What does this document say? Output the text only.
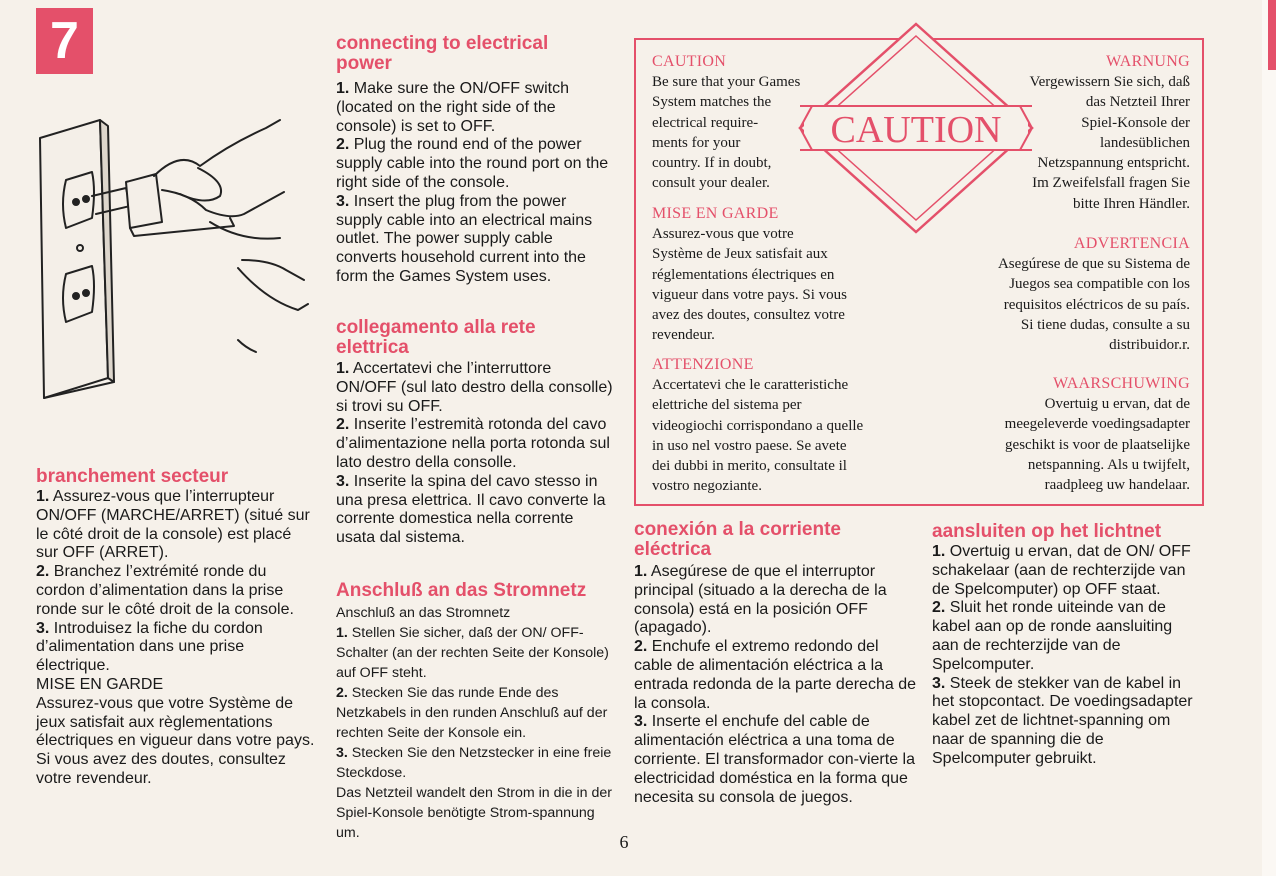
7	connecting to electrical
power

1. Make sure the ON/OFF switch (located on the right side of the console) is set to OFF.

2. Plug the round end of the power supply cable into the round port on the right side of the console.

3. Insert the plug from the power supply cable into an electrical mains outlet. The power supply cable converts household current into the form the Games System uses.

collegamento alla rete
elettrica

1. Accertatevi che l’interruttore ON/OFF (sul lato destro della consolle) si trovi su OFF.

2. Inserite l’estremità rotonda del cavo d’alimentazione nella porta rotonda sul lato destro della consolle.

3. Inserite la spina del cavo stesso in una presa elettrica. Il cavo converte la corrente domestica nella corrente usata dal sistema.

Anschluß an das Stromnetz

Anschluß an das Stromnetz

1. Stellen Sie sicher, daß der ON/ OFF-Schalter (an der rechten Seite der Konsole) auf OFF steht.

2. Stecken Sie das runde Ende des Netzkabels in den runden Anschluß auf der rechten Seite der Konsole ein.

3. Stecken Sie den Netzstecker in eine freie Steckdose.

Das Netzteil wandelt den Strom in die in der Spiel-Konsole benötigte Strom-spannung um.

branchement secteur

1. Assurez-vous que l’interrupteur ON/OFF (MARCHE/ARRET) (situé sur le côté droit de la console) est placé sur OFF (ARRET).

2. Branchez l’extrémité ronde du cordon d’alimentation dans la prise ronde sur le côté droit de la console.

3. Introduisez la fiche du cordon d’alimentation dans une prise électrique.

MISE EN GARDE

Assurez-vous que votre Système de jeux satisfait aux règlementations électriques en vigueur dans votre pays. Si vous avez des doutes, consultez votre revendeur.

CAUTION
CAUTION
Be sure that your Games
System matches the
electrical require-
ments for your
country. If in doubt,
consult your dealer.
WARNUNG
Vergewissern Sie sich, daß
das Netzteil Ihrer
Spiel-Konsole der
landesüblichen
Netzspannung entspricht.
Im Zweifelsfall fragen Sie
bitte Ihren Händler.
MISE EN GARDE
Assurez-vous que votre
Système de Jeux satisfait aux
réglementations électriques en
vigueur dans votre pays. Si vous
avez des doutes, consultez votre
revendeur.
ADVERTENCIA
Asegúrese de que su Sistema de
Juegos sea compatible con los
requisitos eléctricos de su país.
Si tiene dudas, consulte a su
distribuidor.r.
ATTENZIONE
Accertatevi che le caratteristiche
elettriche del sistema per
videogiochi corrispondano a quelle
in uso nel vostro paese. Se avete
dei dubbi in merito, consultate il
vostro negoziante.
WAARSCHUWING
Overtuig u ervan, dat de
meegeleverde voedingsadapter
geschikt is voor de plaatselijke
netspanning. Als u twijfelt,
raadpleeg uw handelaar.
conexión a la corriente
eléctrica

1. Asegúrese de que el interruptor principal (situado a la derecha de la consola) está en la posición OFF (apagado).

2. Enchufe el extremo redondo del cable de alimentación eléctrica a la entrada redonda de la parte derecha de la consola.

3. Inserte el enchufe del cable de alimentación eléctrica a una toma de corriente. El transformador con-vierte la electricidad doméstica en la forma que necesita su consola de juegos.

aansluiten op het lichtnet

1. Overtuig u ervan, dat de ON/ OFF schakelaar (aan de rechterzijde van de Spelcomputer) op OFF staat.

2. Sluit het ronde uiteinde van de kabel aan op de ronde aansluiting aan de rechterzijde van de Spelcomputer.

3. Steek de stekker van de kabel in het stopcontact. De voedingsadapter kabel zet de lichtnet-spanning om naar de spanning die de Spelcomputer gebruikt.

6
